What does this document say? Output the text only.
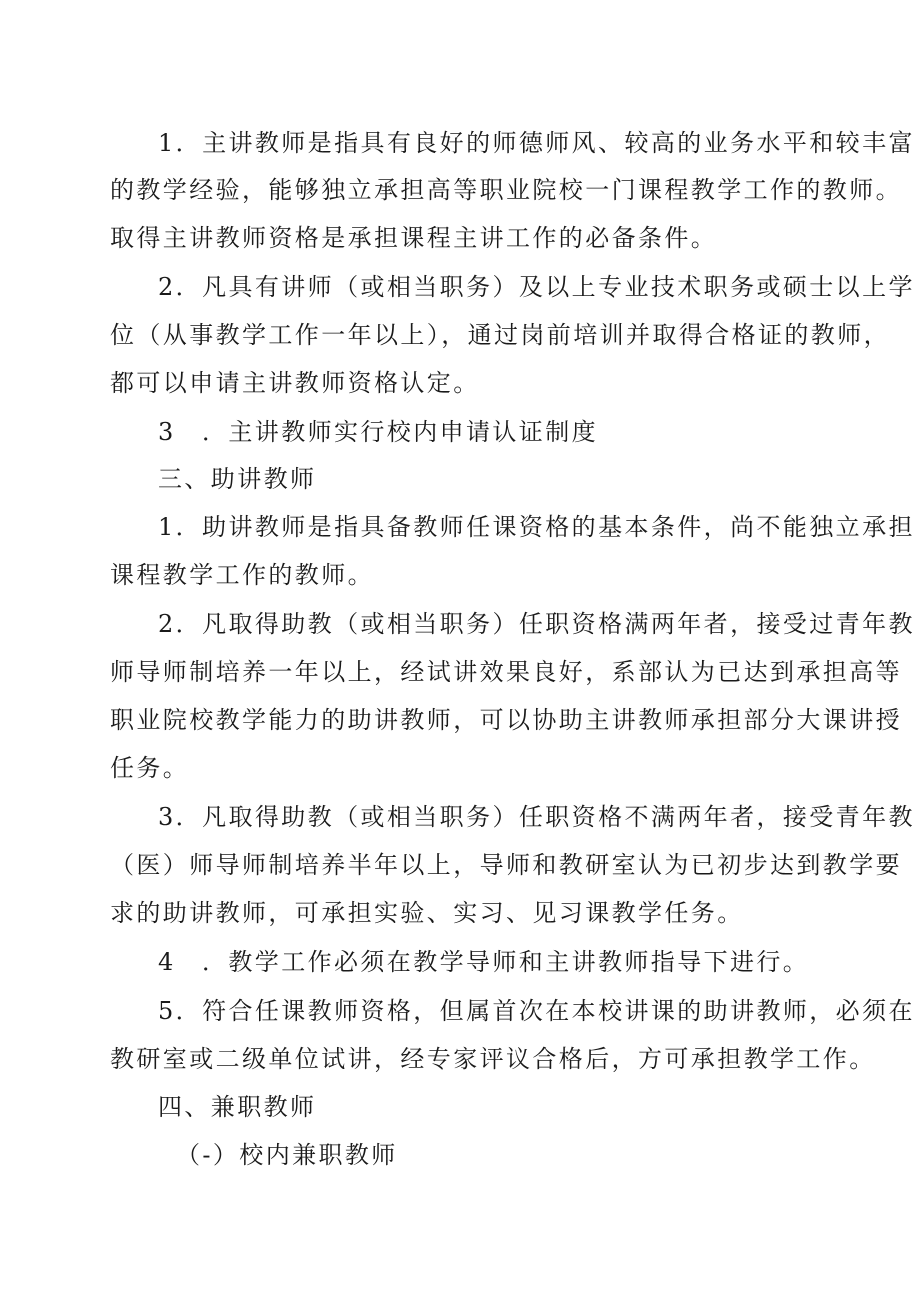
1．主讲教师是指具有良好的师德师风、较高的业务水平和较丰富
的教学经验，能够独立承担高等职业院校一门课程教学工作的教师。
取得主讲教师资格是承担课程主讲工作的必备条件。
2．凡具有讲师（或相当职务）及以上专业技术职务或硕士以上学
位（从事教学工作一年以上），通过岗前培训并取得合格证的教师，
都可以申请主讲教师资格认定。
3 ．主讲教师实行校内申请认证制度
三、助讲教师
1．助讲教师是指具备教师任课资格的基本条件，尚不能独立承担
课程教学工作的教师。
2．凡取得助教（或相当职务）任职资格满两年者，接受过青年教
师导师制培养一年以上，经试讲效果良好，系部认为已达到承担高等
职业院校教学能力的助讲教师，可以协助主讲教师承担部分大课讲授
任务。
3．凡取得助教（或相当职务）任职资格不满两年者，接受青年教
（医）师导师制培养半年以上，导师和教研室认为已初步达到教学要
求的助讲教师，可承担实验、实习、见习课教学任务。
4 ．教学工作必须在教学导师和主讲教师指导下进行。
5．符合任课教师资格，但属首次在本校讲课的助讲教师，必须在
教研室或二级单位试讲，经专家评议合格后，方可承担教学工作。
四、兼职教师
（-）校内兼职教师
